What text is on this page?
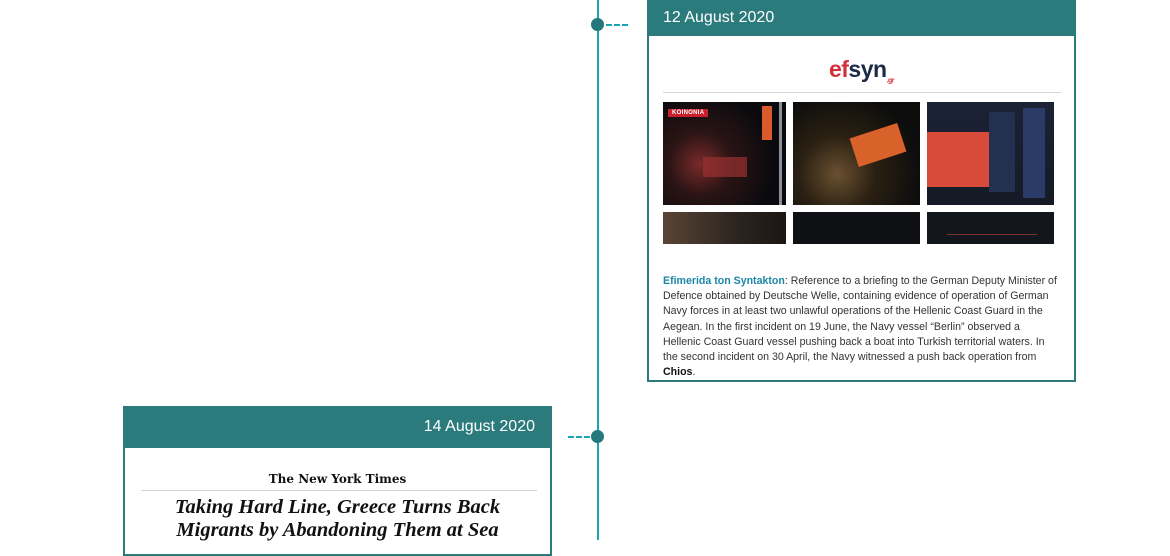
12 August 2020
efsyn$_{.gr}$
KOINONIA
Efimerida ton Syntakton: Reference to a briefing to the German Deputy Minister of Defence obtained by Deutsche Welle, containing evidence of operation of German Navy forces in at least two unlawful operations of the Hellenic Coast Guard in the Aegean. In the first incident on 19 June, the Navy vessel “Berlin” observed a Hellenic Coast Guard vessel pushing back a boat into Turkish territorial waters. In the second incident on 30 April, the Navy witnessed a push back operation from Chios.
14 August 2020
The New York Times
Taking Hard Line, Greece Turns Back
Migrants by Abandoning Them at Sea
